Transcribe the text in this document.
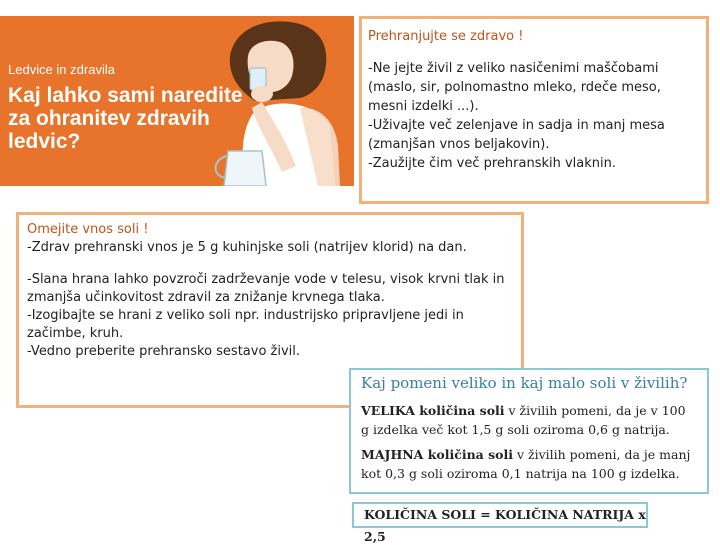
Ledvice in zdravila
Kaj lahko sami naredite za ohranitev zdravih ledvic?
Prehranjujte se zdravo !
-Ne jejte živil z veliko nasičenimi maščobami (maslo, sir, polnomastno mleko, rdeče meso, mesni izdelki ...).
-Uživajte več zelenjave in sadja in manj mesa (zmanjšan vnos beljakovin).
-Zaužijte čim več prehranskih vlaknin.
Omejite vnos soli !
-Zdrav prehranski vnos je 5 g kuhinjske soli (natrijev klorid) na dan.
-Slana hrana lahko povzroči zadrževanje vode v telesu, visok krvni tlak in zmanjša učinkovitost zdravil za znižanje krvnega tlaka.
-Izogibajte se hrani z veliko soli npr. industrijsko pripravljene jedi in začimbe, kruh.
-Vedno preberite prehransko sestavo živil.
Kaj pomeni veliko in kaj malo soli v živilih?
VELIKA količina soli v živilih pomeni, da je v 100 g izdelka več kot 1,5 g soli oziroma 0,6 g natrija.
MAJHNA količina soli v živilih pomeni, da je manj kot 0,3 g soli oziroma 0,1 natrija na 100 g izdelka.
KOLIČINA SOLI = KOLIČINA NATRIJA x 2,5
